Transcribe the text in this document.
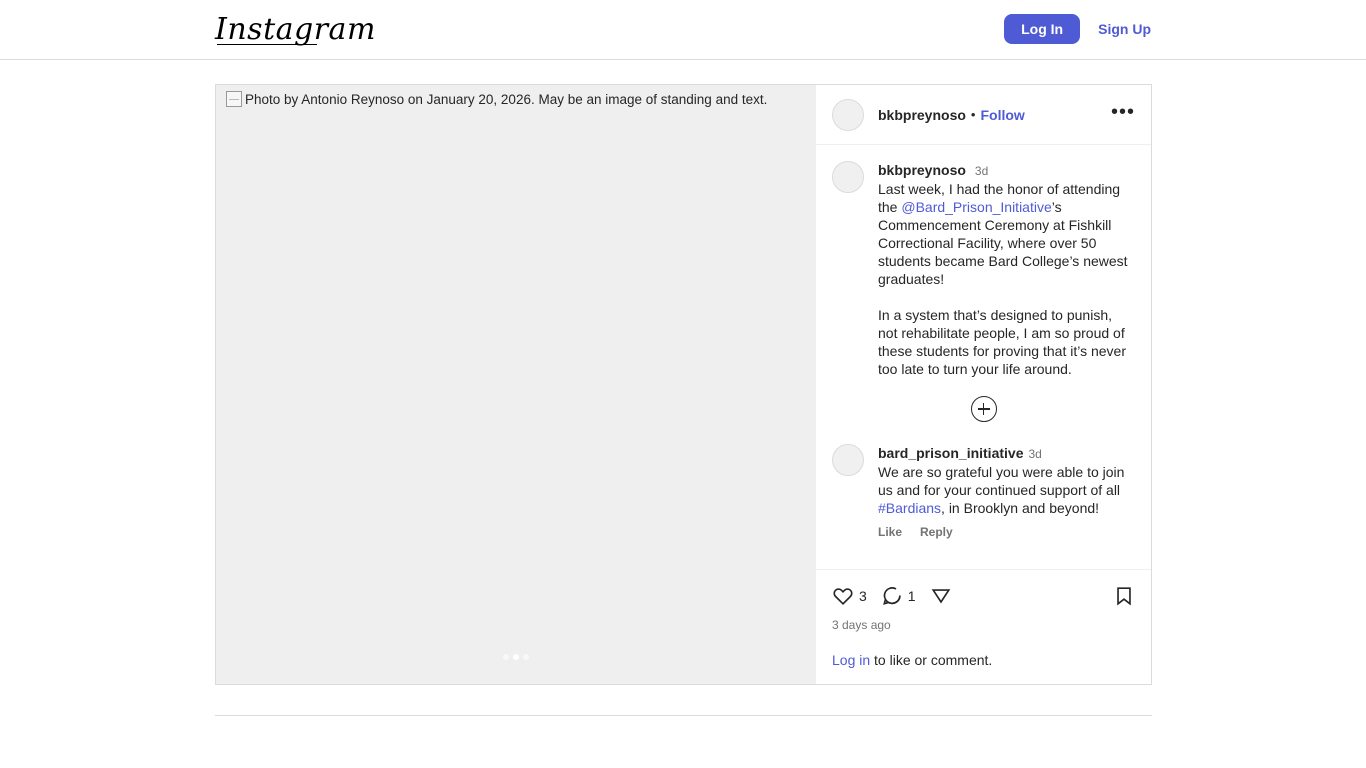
Instagram	Log In	Sign Up
Photo by Antonio Reynoso on January 20, 2026. May be an image of standing and text.
bkbpreynoso • Follow	•••
bkbpreynoso 3d
Last week, I had the honor of attending the @Bard_Prison_Initiative’s Commencement Ceremony at Fishkill Correctional Facility, where over 50 students became Bard College’s newest graduates!
In a system that’s designed to punish, not rehabilitate people, I am so proud of these students for proving that it’s never too late to turn your life around.
bard_prison_initiative 3d
We are so grateful you were able to join us and for your continued support of all #Bardians, in Brooklyn and beyond!
Like Reply
3	1
3 days ago
Log in to like or comment.
